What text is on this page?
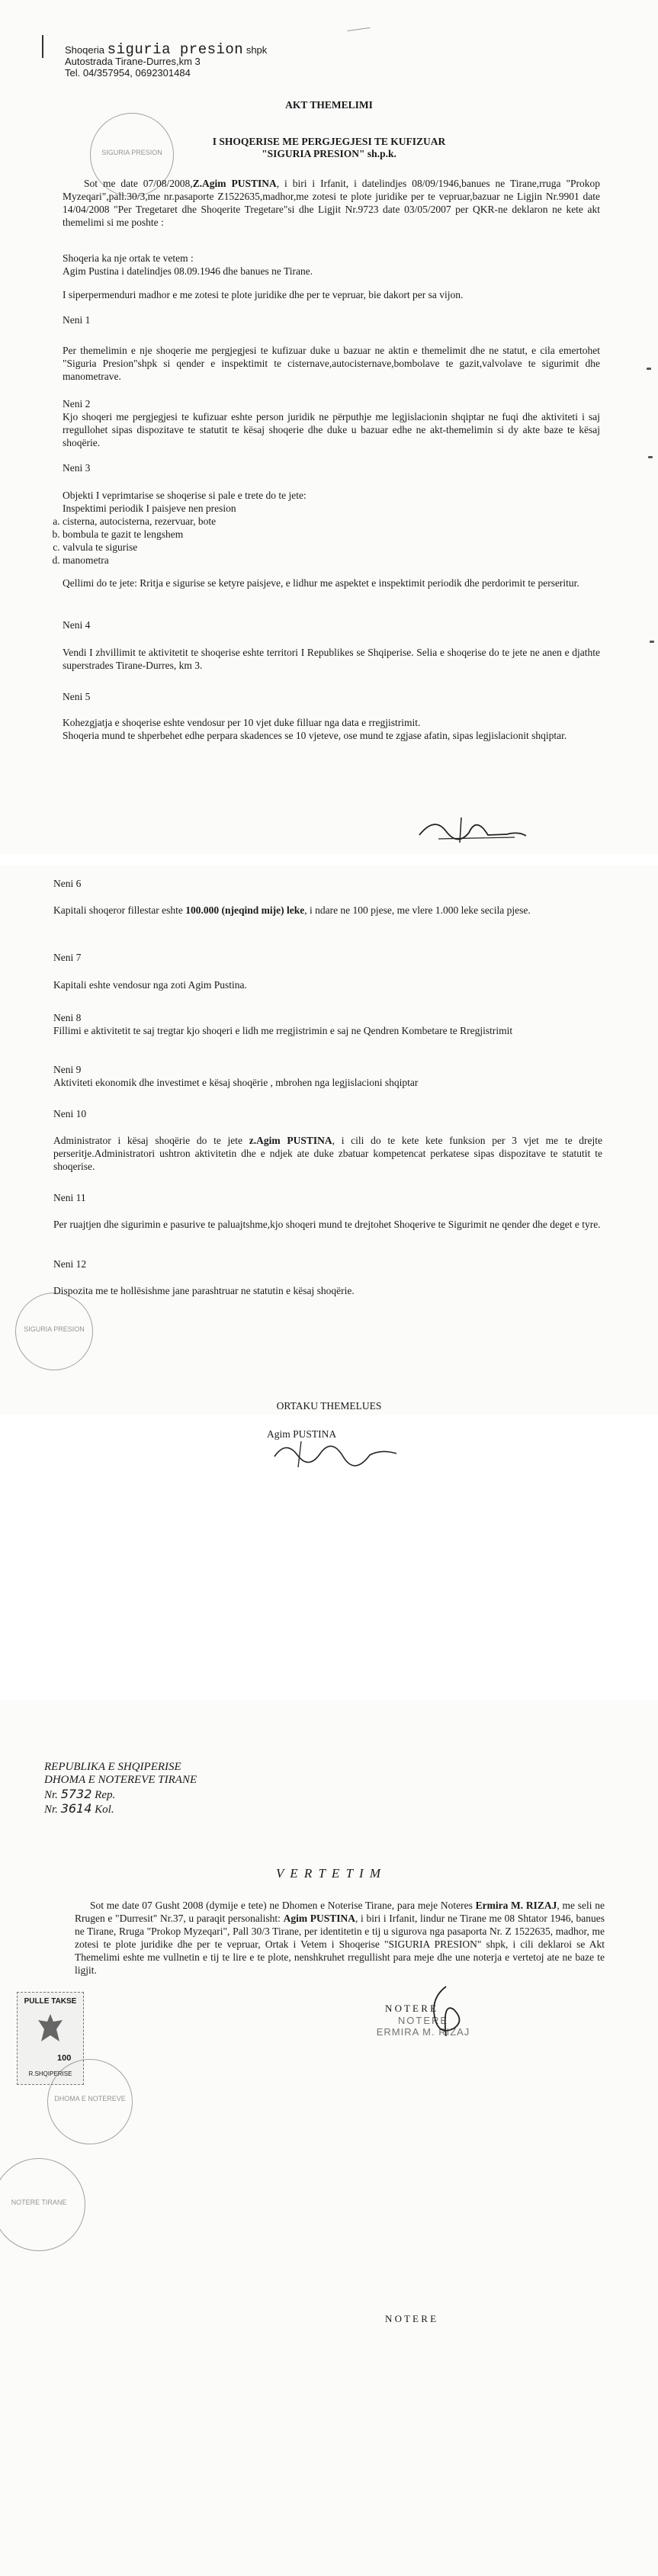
Shoqeria siguria presion shpk
Autostrada Tirane-Durres,km 3
Tel. 04/357954, 0692301484
AKT THEMELIMI
SIGURIA PRESION
I SHOQERISE ME PERGJEGJESI TE KUFIZUAR
"SIGURIA PRESION" sh.p.k.
Sot me date 07/08/2008,Z.Agim PUSTINA, i biri i Irfanit, i datelindjes 08/09/1946,banues ne Tirane,rruga "Prokop Myzeqari",pall.30/3,me nr.pasaporte Z1522635,madhor,me zotesi te plote juridike per te vepruar,bazuar ne Ligjin Nr.9901 date 14/04/2008 "Per Tregetaret dhe Shoqerite Tregetare"si dhe Ligjit Nr.9723 date 03/05/2007 per QKR-ne deklaron ne kete akt themelimi si me poshte :
Shoqeria ka nje ortak te vetem :
Agim Pustina i datelindjes 08.09.1946 dhe banues ne Tirane.
I siperpermenduri madhor e me zotesi te plote juridike dhe per te vepruar, bie dakort per sa vijon.
Neni 1
Per themelimin e nje shoqerie me pergjegjesi te kufizuar duke u bazuar ne aktin e themelimit dhe ne statut, e cila emertohet "Siguria Presion"shpk si qender e inspektimit te cisternave,autocisternave,bombolave te gazit,valvolave te sigurimit dhe manometrave.
Neni 2
Kjo shoqeri me pergjegjesi te kufizuar eshte person juridik ne përputhje me legjislacionin shqiptar ne fuqi dhe aktiviteti i saj rregullohet sipas dispozitave te statutit te kësaj shoqerie dhe duke u bazuar edhe ne akt-themelimin si dy akte baze te kësaj shoqërie.
Neni 3
Objekti I veprimtarise se shoqerise si pale e trete do te jete:
Inspektimi periodik I paisjeve nen presion
a. cisterna, autocisterna, rezervuar, bote
b. bombula te gazit te lengshem
c. valvula te sigurise
d. manometra
Qellimi do te jete: Rritja e sigurise se ketyre paisjeve, e lidhur me aspektet e inspektimit periodik dhe perdorimit te perseritur.
Neni 4
Vendi I zhvillimit te aktivitetit te shoqerise eshte territori I Republikes se Shqiperise. Selia e shoqerise do te jete ne anen e djathte superstrades Tirane-Durres, km 3.
Neni 5
Kohezgjatja e shoqerise eshte vendosur per 10 vjet duke filluar nga data e rregjistrimit.
Shoqeria mund te shperbehet edhe perpara skadences se 10 vjeteve, ose mund te zgjase afatin, sipas legjislacionit shqiptar.
Neni 6
Kapitali shoqeror fillestar eshte 100.000 (njeqind mije) leke, i ndare ne 100 pjese, me vlere 1.000 leke secila pjese.
Neni 7
Kapitali eshte vendosur nga zoti Agim Pustina.
Neni 8
Fillimi e aktivitetit te saj tregtar kjo shoqeri e lidh me rregjistrimin e saj ne Qendren Kombetare te Rregjistrimit
Neni 9
Aktiviteti ekonomik dhe investimet e kësaj shoqërie , mbrohen nga legjislacioni shqiptar
Neni 10
Administrator i kësaj shoqërie do te jete z.Agim PUSTINA, i cili do te kete kete funksion per 3 vjet me te drejte perseritje.Administratori ushtron aktivitetin dhe e ndjek ate duke zbatuar kompetencat perkatese sipas dispozitave te statutit te shoqerise.
Neni 11
Per ruajtjen dhe sigurimin e pasurive te paluajtshme,kjo shoqeri mund te drejtohet Shoqerive te Sigurimit ne qender dhe deget e tyre.
Neni 12
Dispozita me te hollësishme jane parashtruar ne statutin e kësaj shoqërie.
SIGURIA PRESION
ORTAKU THEMELUES
Agim PUSTINA
REPUBLIKA E SHQIPERISE
DHOMA E NOTEREVE TIRANE
Nr. 5732 Rep.
Nr. 3614 Kol.
V E R T E T I M
Sot me date 07 Gusht 2008 (dymije e tete) ne Dhomen e Noterise Tirane, para meje Noteres Ermira M. RIZAJ, me seli ne Rrugen e "Durresit" Nr.37, u paraqit personalisht: Agim PUSTINA, i biri i Irfanit, lindur ne Tirane me 08 Shtator 1946, banues ne Tirane, Rruga "Prokop Myzeqari", Pall 30/3 Tirane, per identitetin e tij u sigurova nga pasaporta Nr. Z 1522635, madhor, me zotesi te plote juridike dhe per te vepruar, Ortak i Vetem i Shoqerise "SIGURIA PRESION" shpk, i cili deklaroi se Akt Themelimi eshte me vullnetin e tij te lire e te plote, nenshkruhet rregullisht para meje dhe une noterja e vertetoj ate ne baze te ligjit.
PULLE TAKSE
100
R.SHQIPERISE
DHOMA E NOTEREVE
N O T E R E
NOTERE
ERMIRA M. RIZAJ
NOTERE TIRANE
N O T E R E
